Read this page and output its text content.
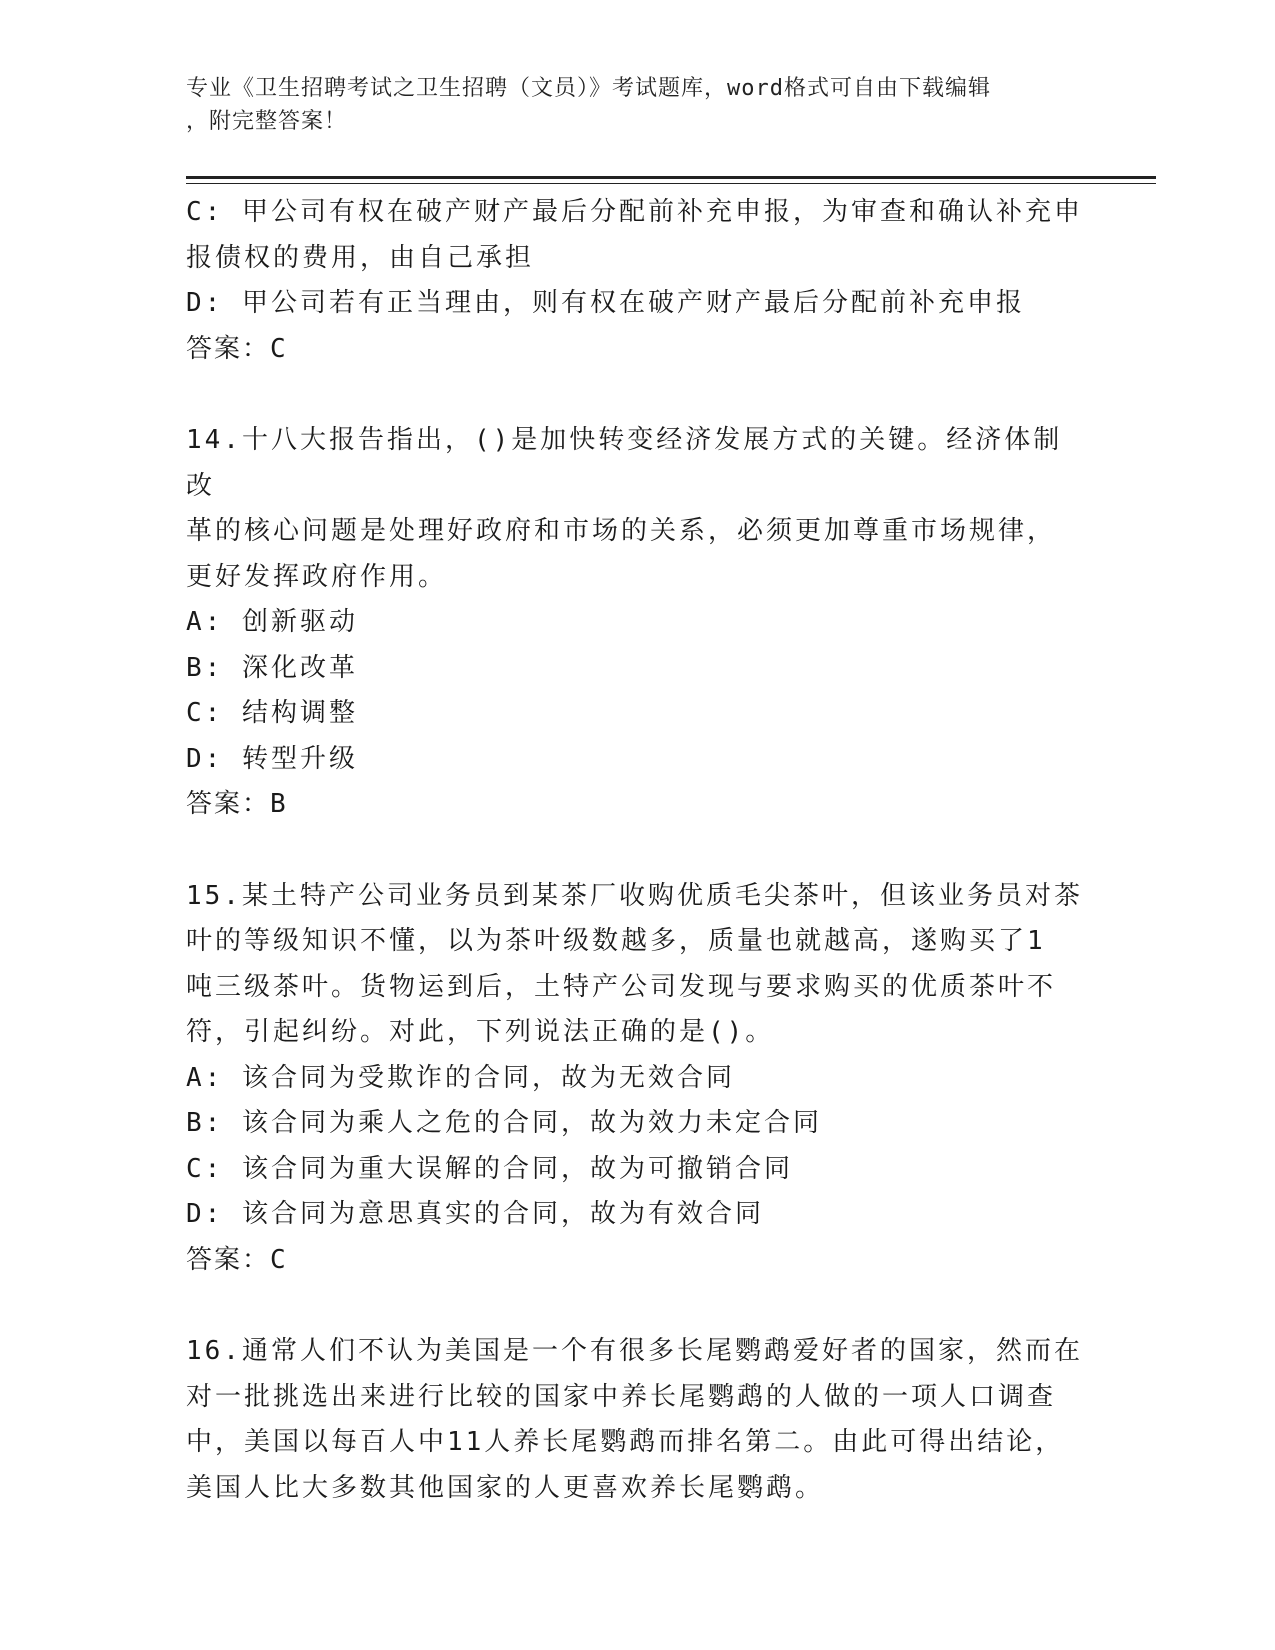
专业《卫生招聘考试之卫生招聘（文员）》考试题库，word格式可自由下载编辑
，附完整答案！

C: 甲公司有权在破产财产最后分配前补充申报，为审查和确认补充申

报债权的费用，由自己承担

D: 甲公司若有正当理由，则有权在破产财产最后分配前补充申报

答案：C

14.十八大报告指出，()是加快转变经济发展方式的关键。经济体制改

革的核心问题是处理好政府和市场的关系，必须更加尊重市场规律，

更好发挥政府作用。

A: 创新驱动

B: 深化改革

C: 结构调整

D: 转型升级

答案：B

15.某土特产公司业务员到某茶厂收购优质毛尖茶叶，但该业务员对茶

叶的等级知识不懂，以为茶叶级数越多，质量也就越高，遂购买了1

吨三级茶叶。货物运到后，土特产公司发现与要求购买的优质茶叶不

符，引起纠纷。对此，下列说法正确的是()。

A: 该合同为受欺诈的合同，故为无效合同

B: 该合同为乘人之危的合同，故为效力未定合同

C: 该合同为重大误解的合同，故为可撤销合同

D: 该合同为意思真实的合同，故为有效合同

答案：C

16.通常人们不认为美国是一个有很多长尾鹦鹉爱好者的国家，然而在

对一批挑选出来进行比较的国家中养长尾鹦鹉的人做的一项人口调查

中，美国以每百人中11人养长尾鹦鹉而排名第二。由此可得出结论，

美国人比大多数其他国家的人更喜欢养长尾鹦鹉。
